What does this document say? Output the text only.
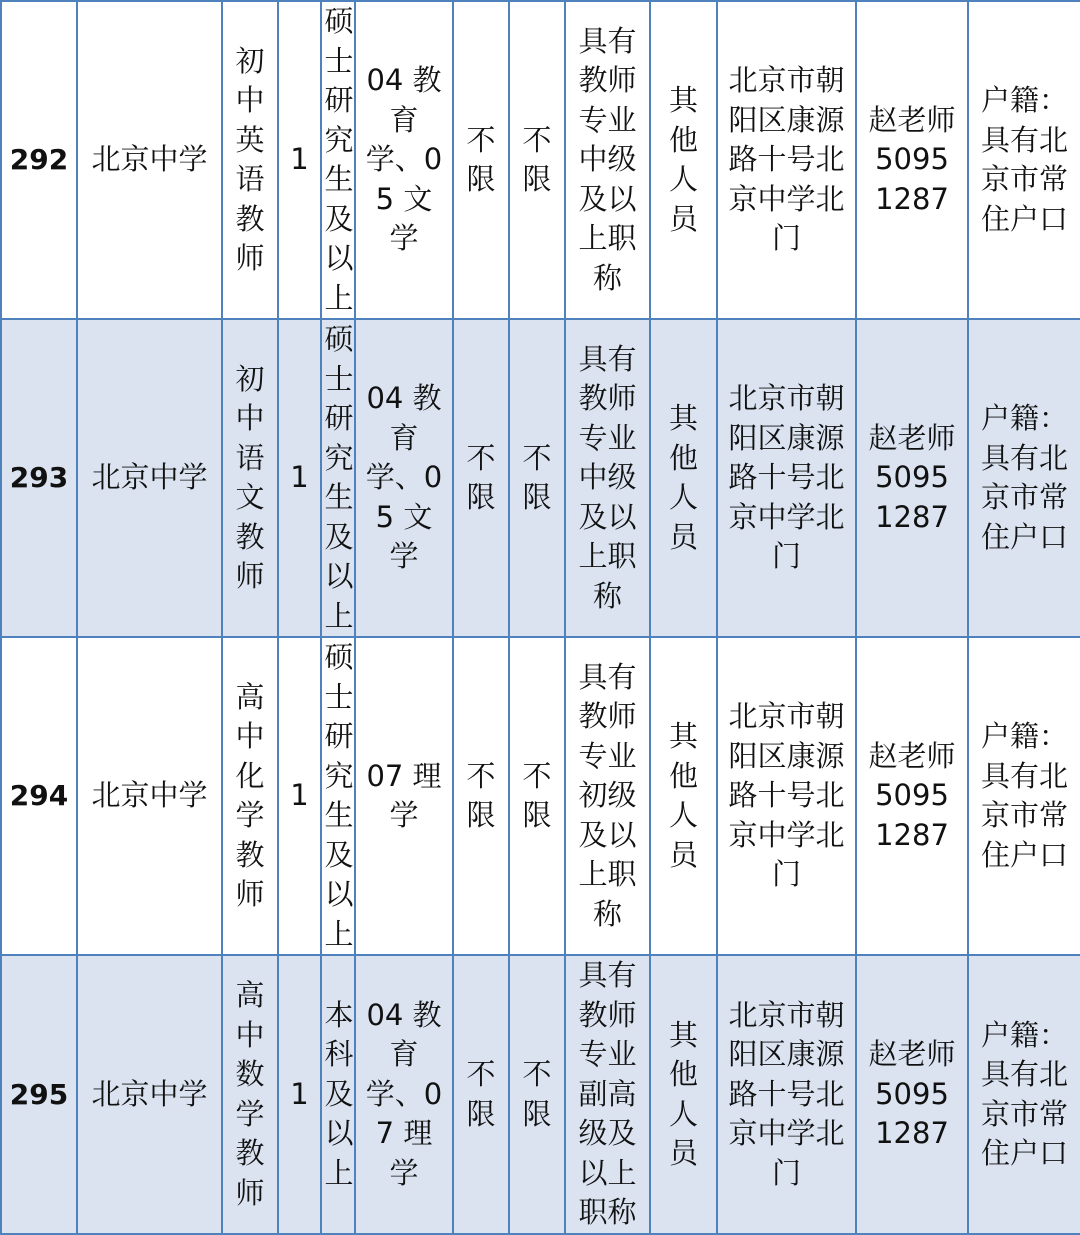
292	北京中学	初中英语教师	1	硕士研究生及以上	04 教育学、05 文学	不限	不限	具有教师专业中级及以上职称	其他人员	北京市朝阳区康源路十号北京中学北门	赵老师50951287	户籍：具有北京市常住户口

293	北京中学	初中语文教师	1	硕士研究生及以上	04 教育学、05 文学	不限	不限	具有教师专业中级及以上职称	其他人员	北京市朝阳区康源路十号北京中学北门	赵老师50951287	户籍：具有北京市常住户口

294	北京中学	高中化学教师	1	硕士研究生及以上	07 理学	不限	不限	具有教师专业初级及以上职称	其他人员	北京市朝阳区康源路十号北京中学北门	赵老师50951287	户籍：具有北京市常住户口

295	北京中学	高中数学教师	1	本科及以上	04 教育学、07 理学	不限	不限	具有教师专业副高级及以上职称	其他人员	北京市朝阳区康源路十号北京中学北门	赵老师50951287	户籍：具有北京市常住户口
